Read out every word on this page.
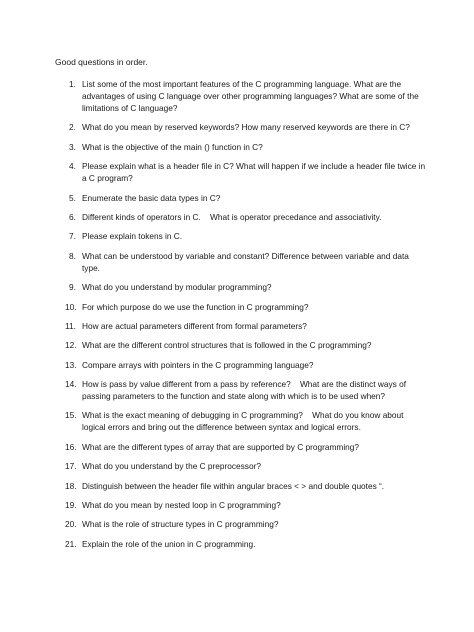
Good questions in order.
1. List some of the most important features of the C programming language. What are the advantages of using C language over other programming languages? What are some of the limitations of C language?
2. What do you mean by reserved keywords? How many reserved keywords are there in C?
3. What is the objective of the main () function in C?
4. Please explain what is a header file in C? What will happen if we include a header file twice in a C program?
5. Enumerate the basic data types in C?
6. Different kinds of operators in C.    What is operator precedance and associativity.
7. Please explain tokens in C.
8. What can be understood by variable and constant? Difference between variable and data type.
9. What do you understand by modular programming?
10. For which purpose do we use the function in C programming?
11. How are actual parameters different from formal parameters?
12. What are the different control structures that is followed in the C programming?
13. Compare arrays with pointers in the C programming language?
14. How is pass by value different from a pass by reference?    What are the distinct ways of passing parameters to the function and state along with which is to be used when?
15. What is the exact meaning of debugging in C programming?    What do you know about logical errors and bring out the difference between syntax and logical errors.
16. What are the different types of array that are supported by C programming?
17. What do you understand by the C preprocessor?
18. Distinguish between the header file within angular braces < > and double quotes “.
19. What do you mean by nested loop in C programming?
20. What is the role of structure types in C programming?
21. Explain the role of the union in C programming.
